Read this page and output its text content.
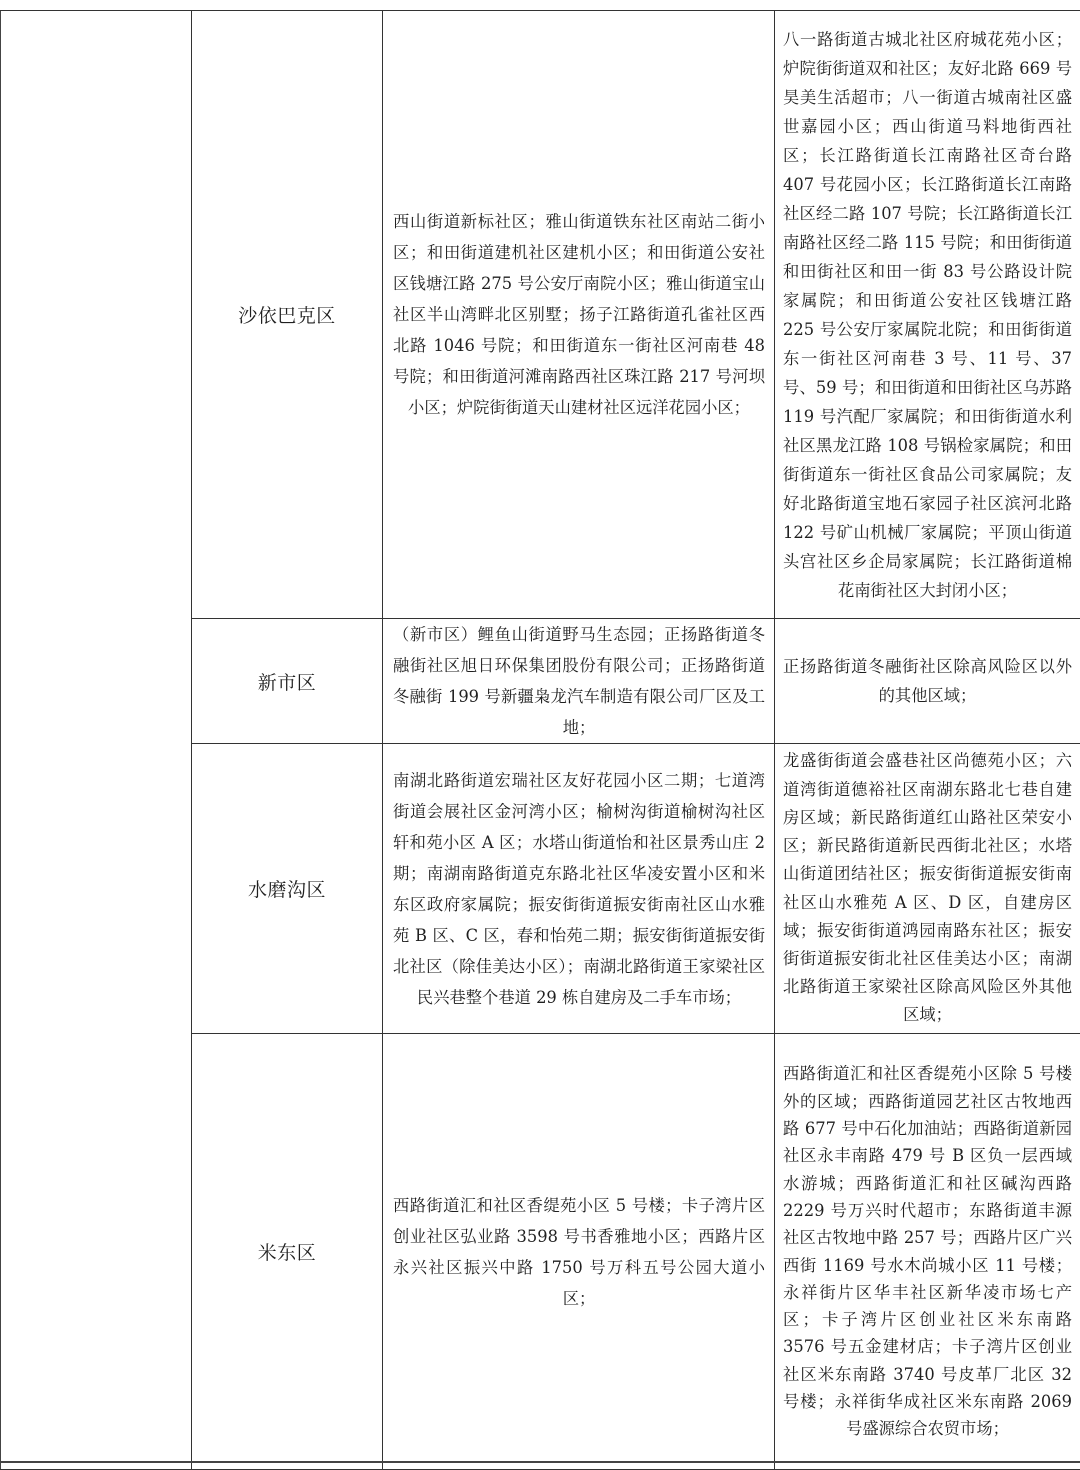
	沙依巴克区	西山街道新标社区；雅山街道铁东社区南站二街小区；和田街道建机社区建机小区；和田街道公安社区钱塘江路 275 号公安厅南院小区；雅山街道宝山社区半山湾畔北区别墅；扬子江路街道孔雀社区西北路 1046 号院；和田街道东一街社区河南巷 48 号院；和田街道河滩南路西社区珠江路 217 号河坝小区；炉院街街道天山建材社区远洋花园小区；	八一路街道古城北社区府城花苑小区；炉院街街道双和社区；友好北路 669 号昊美生活超市；八一街道古城南社区盛世嘉园小区；西山街道马料地街西社区；长江路街道长江南路社区奇台路 407 号花园小区；长江路街道长江南路社区经二路 107 号院；长江路街道长江南路社区经二路 115 号院；和田街街道和田街社区和田一街 83 号公路设计院家属院；和田街道公安社区钱塘江路 225 号公安厅家属院北院；和田街街道东一街社区河南巷 3 号、11 号、37 号、59 号；和田街道和田街社区乌苏路 119 号汽配厂家属院；和田街街道水利社区黑龙江路 108 号锅检家属院；和田街街道东一街社区食品公司家属院；友好北路街道宝地石家园子社区滨河北路 122 号矿山机械厂家属院；平顶山街道头宫社区乡企局家属院；长江路街道棉花南街社区大封闭小区；
	新市区	（新市区）鲤鱼山街道野马生态园；正扬路街道冬融街社区旭日环保集团股份有限公司；正扬路街道冬融街 199 号新疆枭龙汽车制造有限公司厂区及工地；	正扬路街道冬融街社区除高风险区以外的其他区域；
	水磨沟区	南湖北路街道宏瑞社区友好花园小区二期；七道湾街道会展社区金河湾小区；榆树沟街道榆树沟社区轩和苑小区 A 区；水塔山街道怡和社区景秀山庄 2 期；南湖南路街道克东路北社区华凌安置小区和米东区政府家属院；振安街街道振安街南社区山水雅苑 B 区、C 区，春和怡苑二期；振安街街道振安街北社区（除佳美达小区）；南湖北路街道王家梁社区民兴巷整个巷道 29 栋自建房及二手车市场；	龙盛街街道会盛巷社区尚德苑小区；六道湾街道德裕社区南湖东路北七巷自建房区域；新民路街道红山路社区荣安小区；新民路街道新民西街北社区；水塔山街道团结社区；振安街街道振安街南社区山水雅苑 A 区、D 区，自建房区域；振安街街道鸿园南路东社区；振安街街道振安街北社区佳美达小区；南湖北路街道王家梁社区除高风险区外其他区域；
	米东区	西路街道汇和社区香缇苑小区 5 号楼；卡子湾片区创业社区弘业路 3598 号书香雅地小区；西路片区永兴社区振兴中路 1750 号万科五号公园大道小区；	西路街道汇和社区香缇苑小区除 5 号楼外的区域；西路街道园艺社区古牧地西路 677 号中石化加油站；西路街道新园社区永丰南路 479 号 B 区负一层西域水游城；西路街道汇和社区碱沟西路 2229 号万兴时代超市；东路街道丰源社区古牧地中路 257 号；西路片区广兴西街 1169 号水木尚城小区 11 号楼；永祥街片区华丰社区新华凌市场七产区；卡子湾片区创业社区米东南路 3576 号五金建材店；卡子湾片区创业社区米东南路 3740 号皮革厂北区 32 号楼；永祥街华成社区米东南路 2069 号盛源综合农贸市场；
